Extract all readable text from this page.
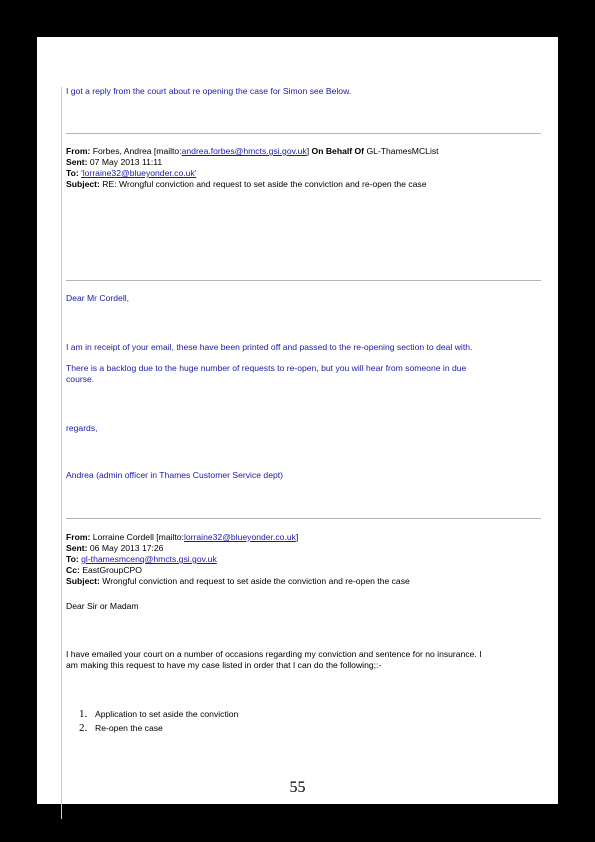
I got a reply from the court about re opening the case for Simon see Below.
From: Forbes, Andrea [mailto:andrea.forbes@hmcts.gsi.gov.uk] On Behalf Of GL-ThamesMCList
Sent: 07 May 2013 11:11
To: 'lorraine32@blueyonder.co.uk'
Subject: RE: Wrongful conviction and request to set aside the conviction and re-open the case
Dear Mr Cordell,
I am in receipt of your email, these have been printed off and passed to the re-opening section to deal with.
There is a backlog due to the huge number of requests to re-open, but you will hear from someone in due
course.
regards,
Andrea (admin officer in Thames Customer Service dept)
From: Lorraine Cordell [mailto:lorraine32@blueyonder.co.uk]
Sent: 06 May 2013 17:26
To: gl-thamesmcenq@hmcts.gsi.gov.uk
Cc: EastGroupCPO
Subject: Wrongful conviction and request to set aside the conviction and re-open the case
Dear Sir or Madam
I have emailed your court on a number of occasions regarding my conviction and sentence for no insurance. I
am making this request to have my case listed in order that I can do the following;:-
1. Application to set aside the conviction
2. Re-open the case
55
